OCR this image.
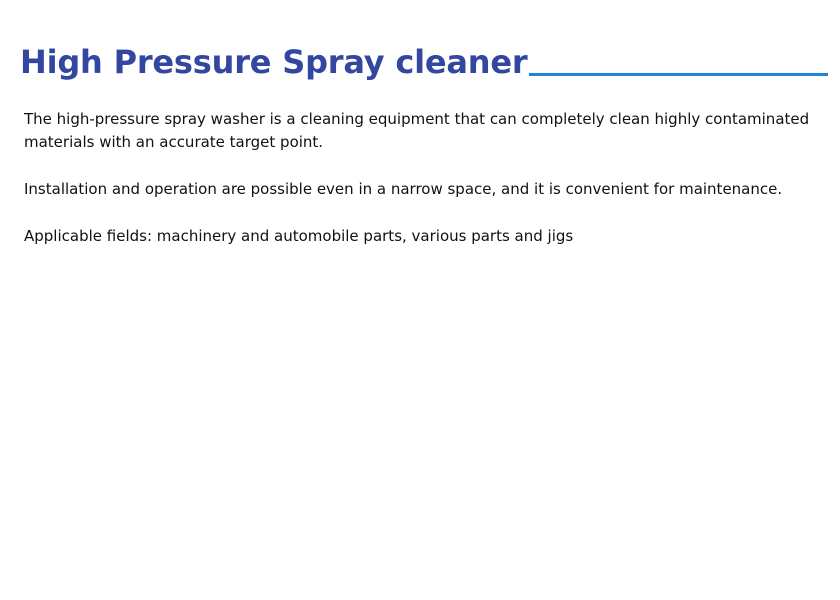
High Pressure Spray cleaner

The high-pressure spray washer is a cleaning equipment that can completely clean highly contaminated materials with an accurate target point.

Installation and operation are possible even in a narrow space, and it is convenient for maintenance.

Applicable fields: machinery and automobile parts, various parts and jigs
